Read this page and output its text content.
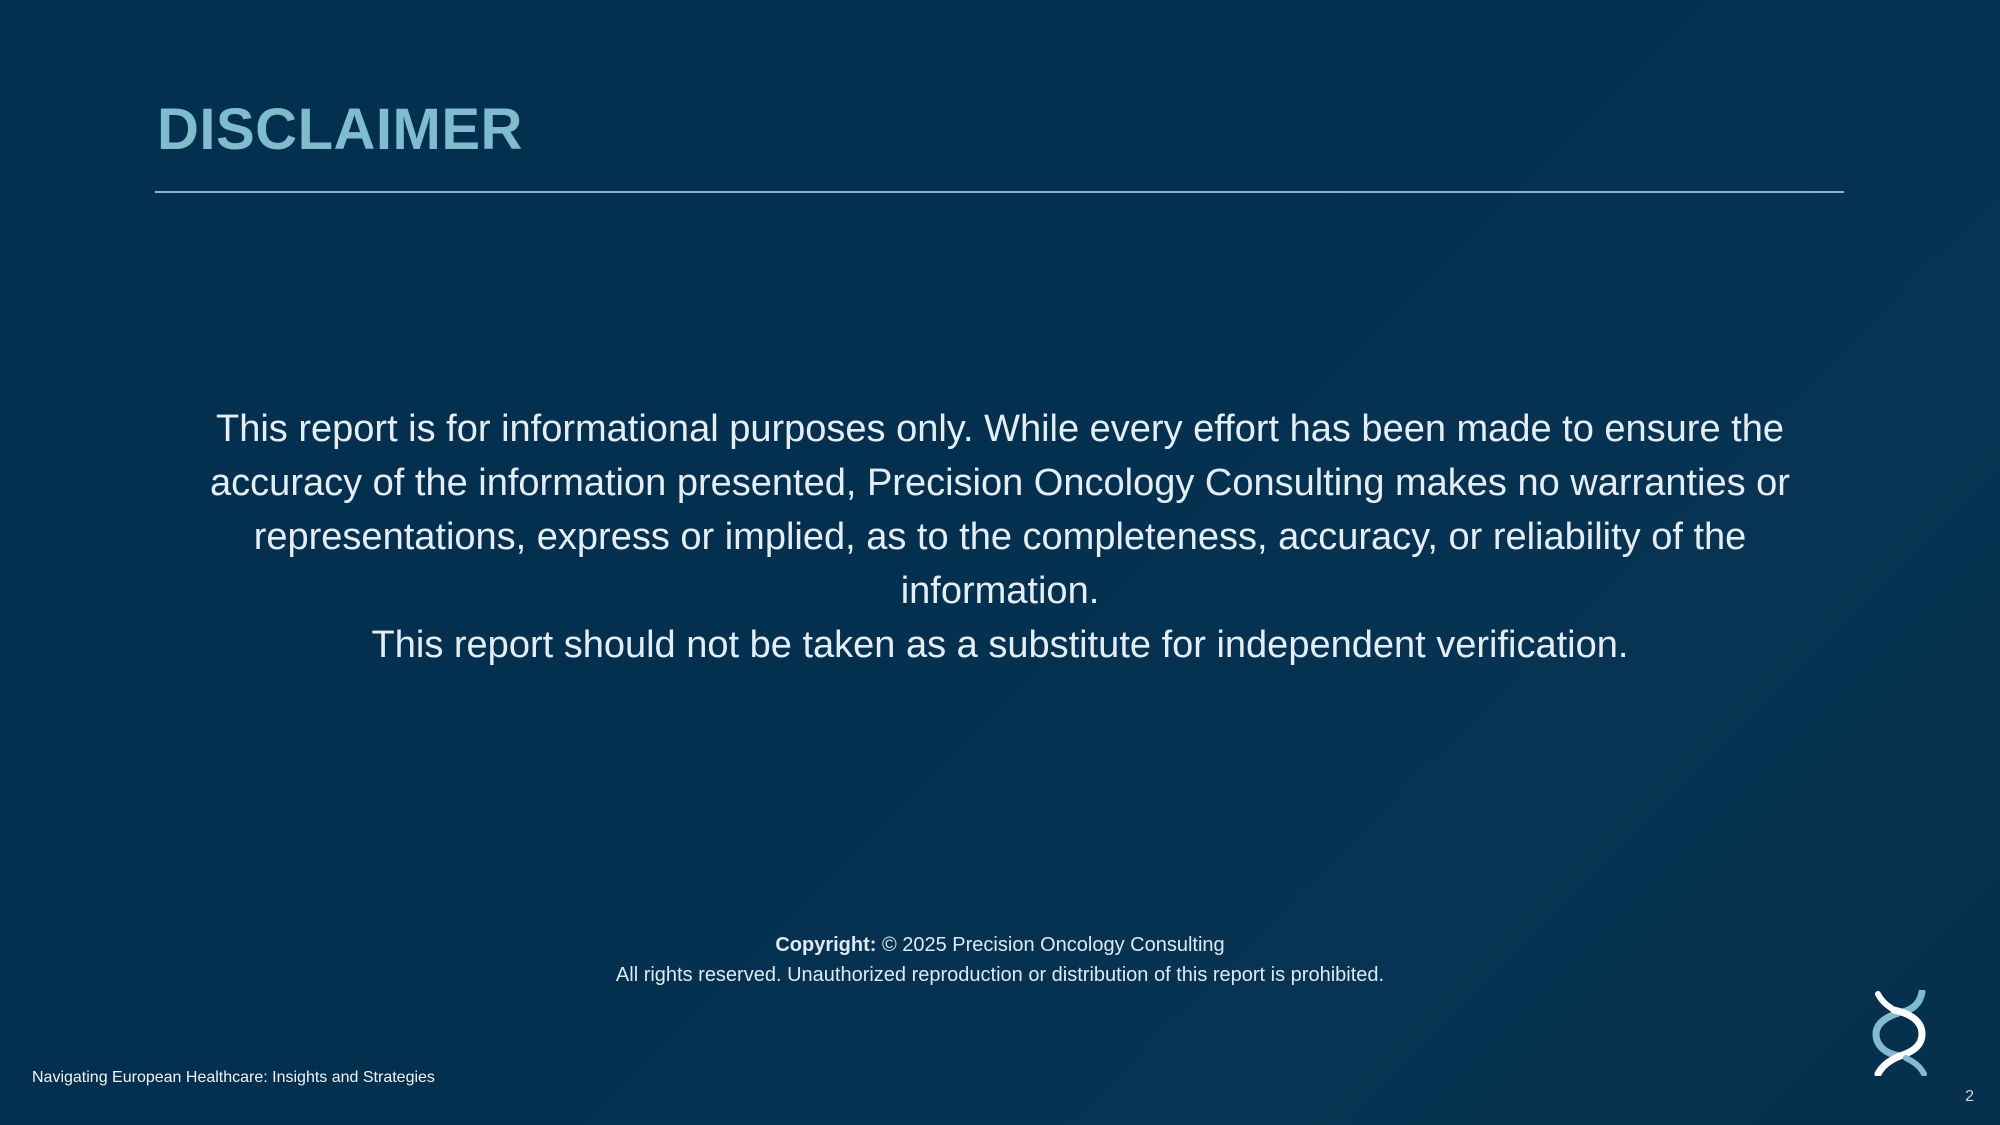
DISCLAIMER

This report is for informational purposes only. While every effort has been made to ensure the accuracy of the information presented, Precision Oncology Consulting makes no warranties or representations, express or implied, as to the completeness, accuracy, or reliability of the information.

This report should not be taken as a substitute for independent verification.

Copyright: © 2025 Precision Oncology Consulting

All rights reserved. Unauthorized reproduction or distribution of this report is prohibited.

Navigating European Healthcare: Insights and Strategies
2
